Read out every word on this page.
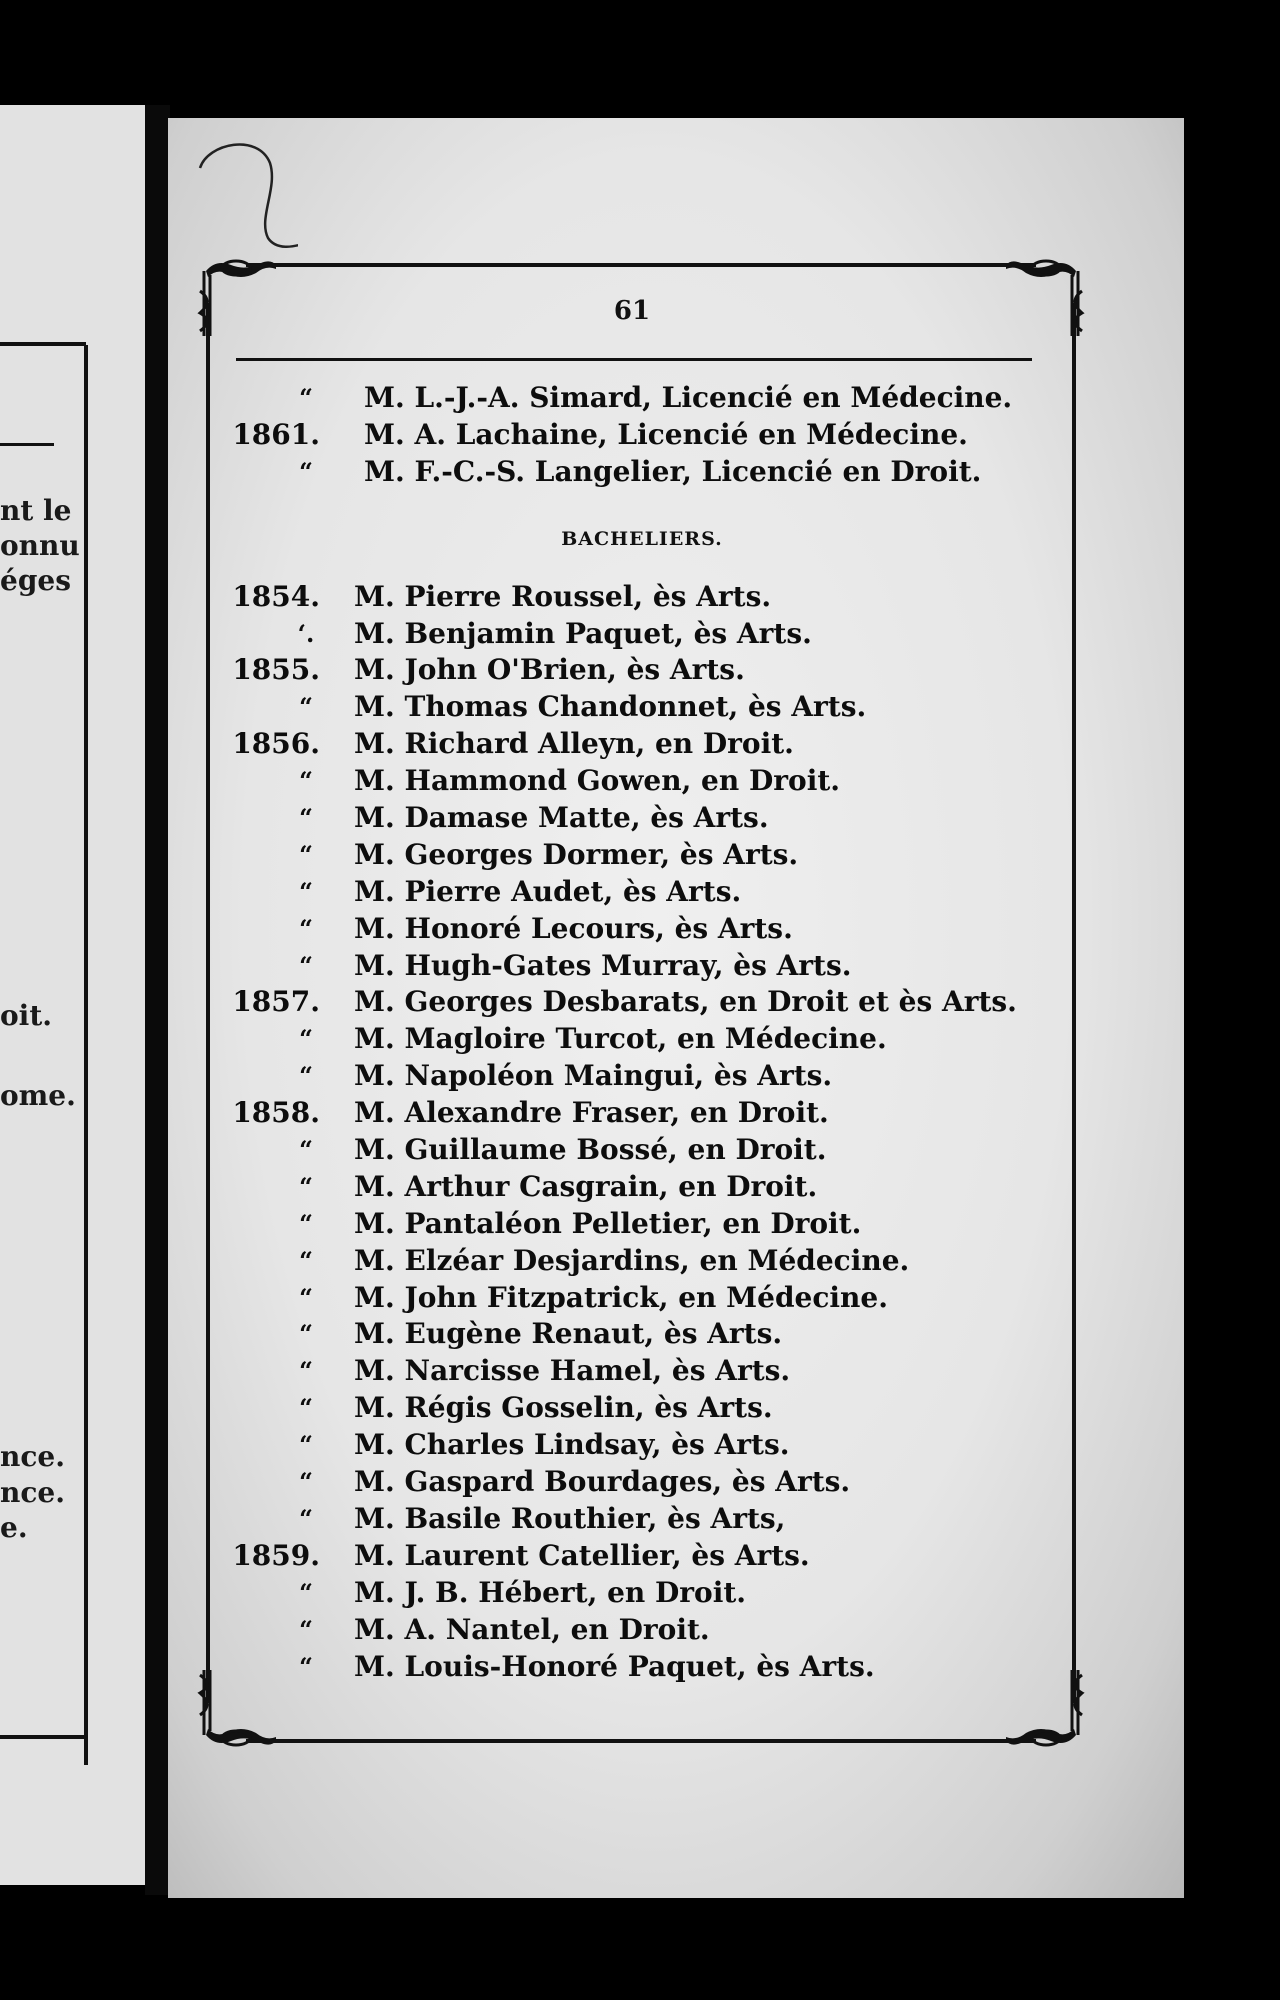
nt le
onnu
éges
oit.
ome.
nce.
nce.
e.
61
“	M. L.-J.-A. Simard, Licencié en Médecine.
1861. M. A. Lachaine, Licencié en Médecine.
“	M. F.-C.-S. Langelier, Licencié en Droit.
BACHELIERS.
1854. M. Pierre Roussel, ès Arts.
‘.	M. Benjamin Paquet, ès Arts.
1855. M. John O'Brien, ès Arts.
“	M. Thomas Chandonnet, ès Arts.
1856. M. Richard Alleyn, en Droit.
“	M. Hammond Gowen, en Droit.
“	M. Damase Matte, ès Arts.
“	M. Georges Dormer, ès Arts.
“	M. Pierre Audet, ès Arts.
“	M. Honoré Lecours, ès Arts.
“	M. Hugh-Gates Murray, ès Arts.
1857. M. Georges Desbarats, en Droit et ès Arts.
“	M. Magloire Turcot, en Médecine.
“	M. Napoléon Maingui, ès Arts.
1858. M. Alexandre Fraser, en Droit.
“	M. Guillaume Bossé, en Droit.
“	M. Arthur Casgrain, en Droit.
“	M. Pantaléon Pelletier, en Droit.
“	M. Elzéar Desjardins, en Médecine.
“	M. John Fitzpatrick, en Médecine.
“	M. Eugène Renaut, ès Arts.
“	M. Narcisse Hamel, ès Arts.
“	M. Régis Gosselin, ès Arts.
“	M. Charles Lindsay, ès Arts.
“	M. Gaspard Bourdages, ès Arts.
“	M. Basile Routhier, ès Arts,
1859. M. Laurent Catellier, ès Arts.
“	M. J. B. Hébert, en Droit.
“	M. A. Nantel, en Droit.
“	M. Louis-Honoré Paquet, ès Arts.
